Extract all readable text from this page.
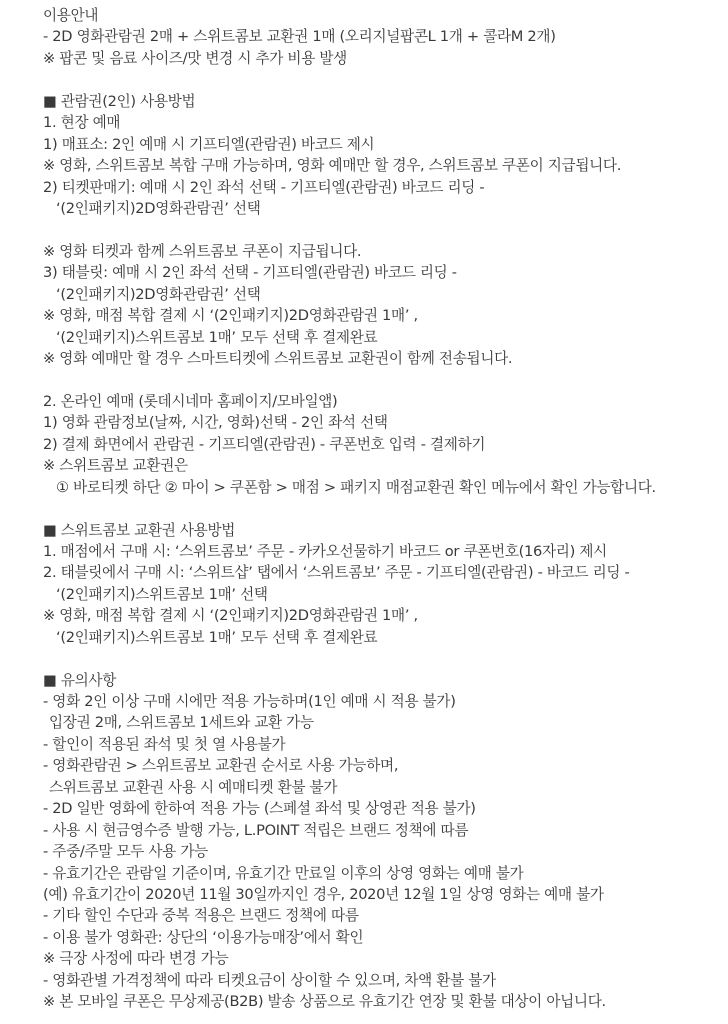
이용안내
- 2D 영화관람권 2매 + 스위트콤보 교환권 1매 (오리지널팝콘L 1개 + 콜라M 2개)
※ 팝콘 및 음료 사이즈/맛 변경 시 추가 비용 발생
■ 관람권(2인) 사용방법
1. 현장 예매
1) 매표소: 2인 예매 시 기프티엘(관람권) 바코드 제시
※ 영화, 스위트콤보 복합 구매 가능하며, 영화 예매만 할 경우, 스위트콤보 쿠폰이 지급됩니다.
2) 티켓판매기: 예매 시 2인 좌석 선택 - 기프티엘(관람권) 바코드 리딩 -
‘(2인패키지)2D영화관람권’ 선택
※ 영화 티켓과 함께 스위트콤보 쿠폰이 지급됩니다.
3) 태블릿: 예매 시 2인 좌석 선택 - 기프티엘(관람권) 바코드 리딩 -
‘(2인패키지)2D영화관람권’ 선택
※ 영화, 매점 복합 결제 시 ‘(2인패키지)2D영화관람권 1매’ ,
‘(2인패키지)스위트콤보 1매’ 모두 선택 후 결제완료
※ 영화 예매만 할 경우 스마트티켓에 스위트콤보 교환권이 함께 전송됩니다.
2. 온라인 예매 (롯데시네마 홈페이지/모바일앱)
1) 영화 관람정보(날짜, 시간, 영화)선택 - 2인 좌석 선택
2) 결제 화면에서 관람권 - 기프티엘(관람권) - 쿠폰번호 입력 - 결제하기
※ 스위트콤보 교환권은
① 바로티켓 하단 ② 마이 > 쿠폰함 > 매점 > 패키지 매점교환권 확인 메뉴에서 확인 가능합니다.
■ 스위트콤보 교환권 사용방법
1. 매점에서 구매 시: ‘스위트콤보’ 주문 - 카카오선물하기 바코드 or 쿠폰번호(16자리) 제시
2. 태블릿에서 구매 시: ‘스위트샵’ 탭에서 ‘스위트콤보’ 주문 - 기프티엘(관람권) - 바코드 리딩 -
‘(2인패키지)스위트콤보 1매’ 선택
※ 영화, 매점 복합 결제 시 ‘(2인패키지)2D영화관람권 1매’ ,
‘(2인패키지)스위트콤보 1매’ 모두 선택 후 결제완료
■ 유의사항
- 영화 2인 이상 구매 시에만 적용 가능하며(1인 예매 시 적용 불가)
입장권 2매, 스위트콤보 1세트와 교환 가능
- 할인이 적용된 좌석 및 첫 열 사용불가
- 영화관람권 > 스위트콤보 교환권 순서로 사용 가능하며,
스위트콤보 교환권 사용 시 예매티켓 환불 불가
- 2D 일반 영화에 한하여 적용 가능 (스페셜 좌석 및 상영관 적용 불가)
- 사용 시 현금영수증 발행 가능, L.POINT 적립은 브랜드 정책에 따름
- 주중/주말 모두 사용 가능
- 유효기간은 관람일 기준이며, 유효기간 만료일 이후의 상영 영화는 예매 불가
(예) 유효기간이 2020년 11월 30일까지인 경우, 2020년 12월 1일 상영 영화는 예매 불가
- 기타 할인 수단과 중복 적용은 브랜드 정책에 따름
- 이용 불가 영화관: 상단의 ‘이용가능매장’에서 확인
※ 극장 사정에 따라 변경 가능
- 영화관별 가격정책에 따라 티켓요금이 상이할 수 있으며, 차액 환불 불가
※ 본 모바일 쿠폰은 무상제공(B2B) 발송 상품으로 유효기간 연장 및 환불 대상이 아닙니다.
